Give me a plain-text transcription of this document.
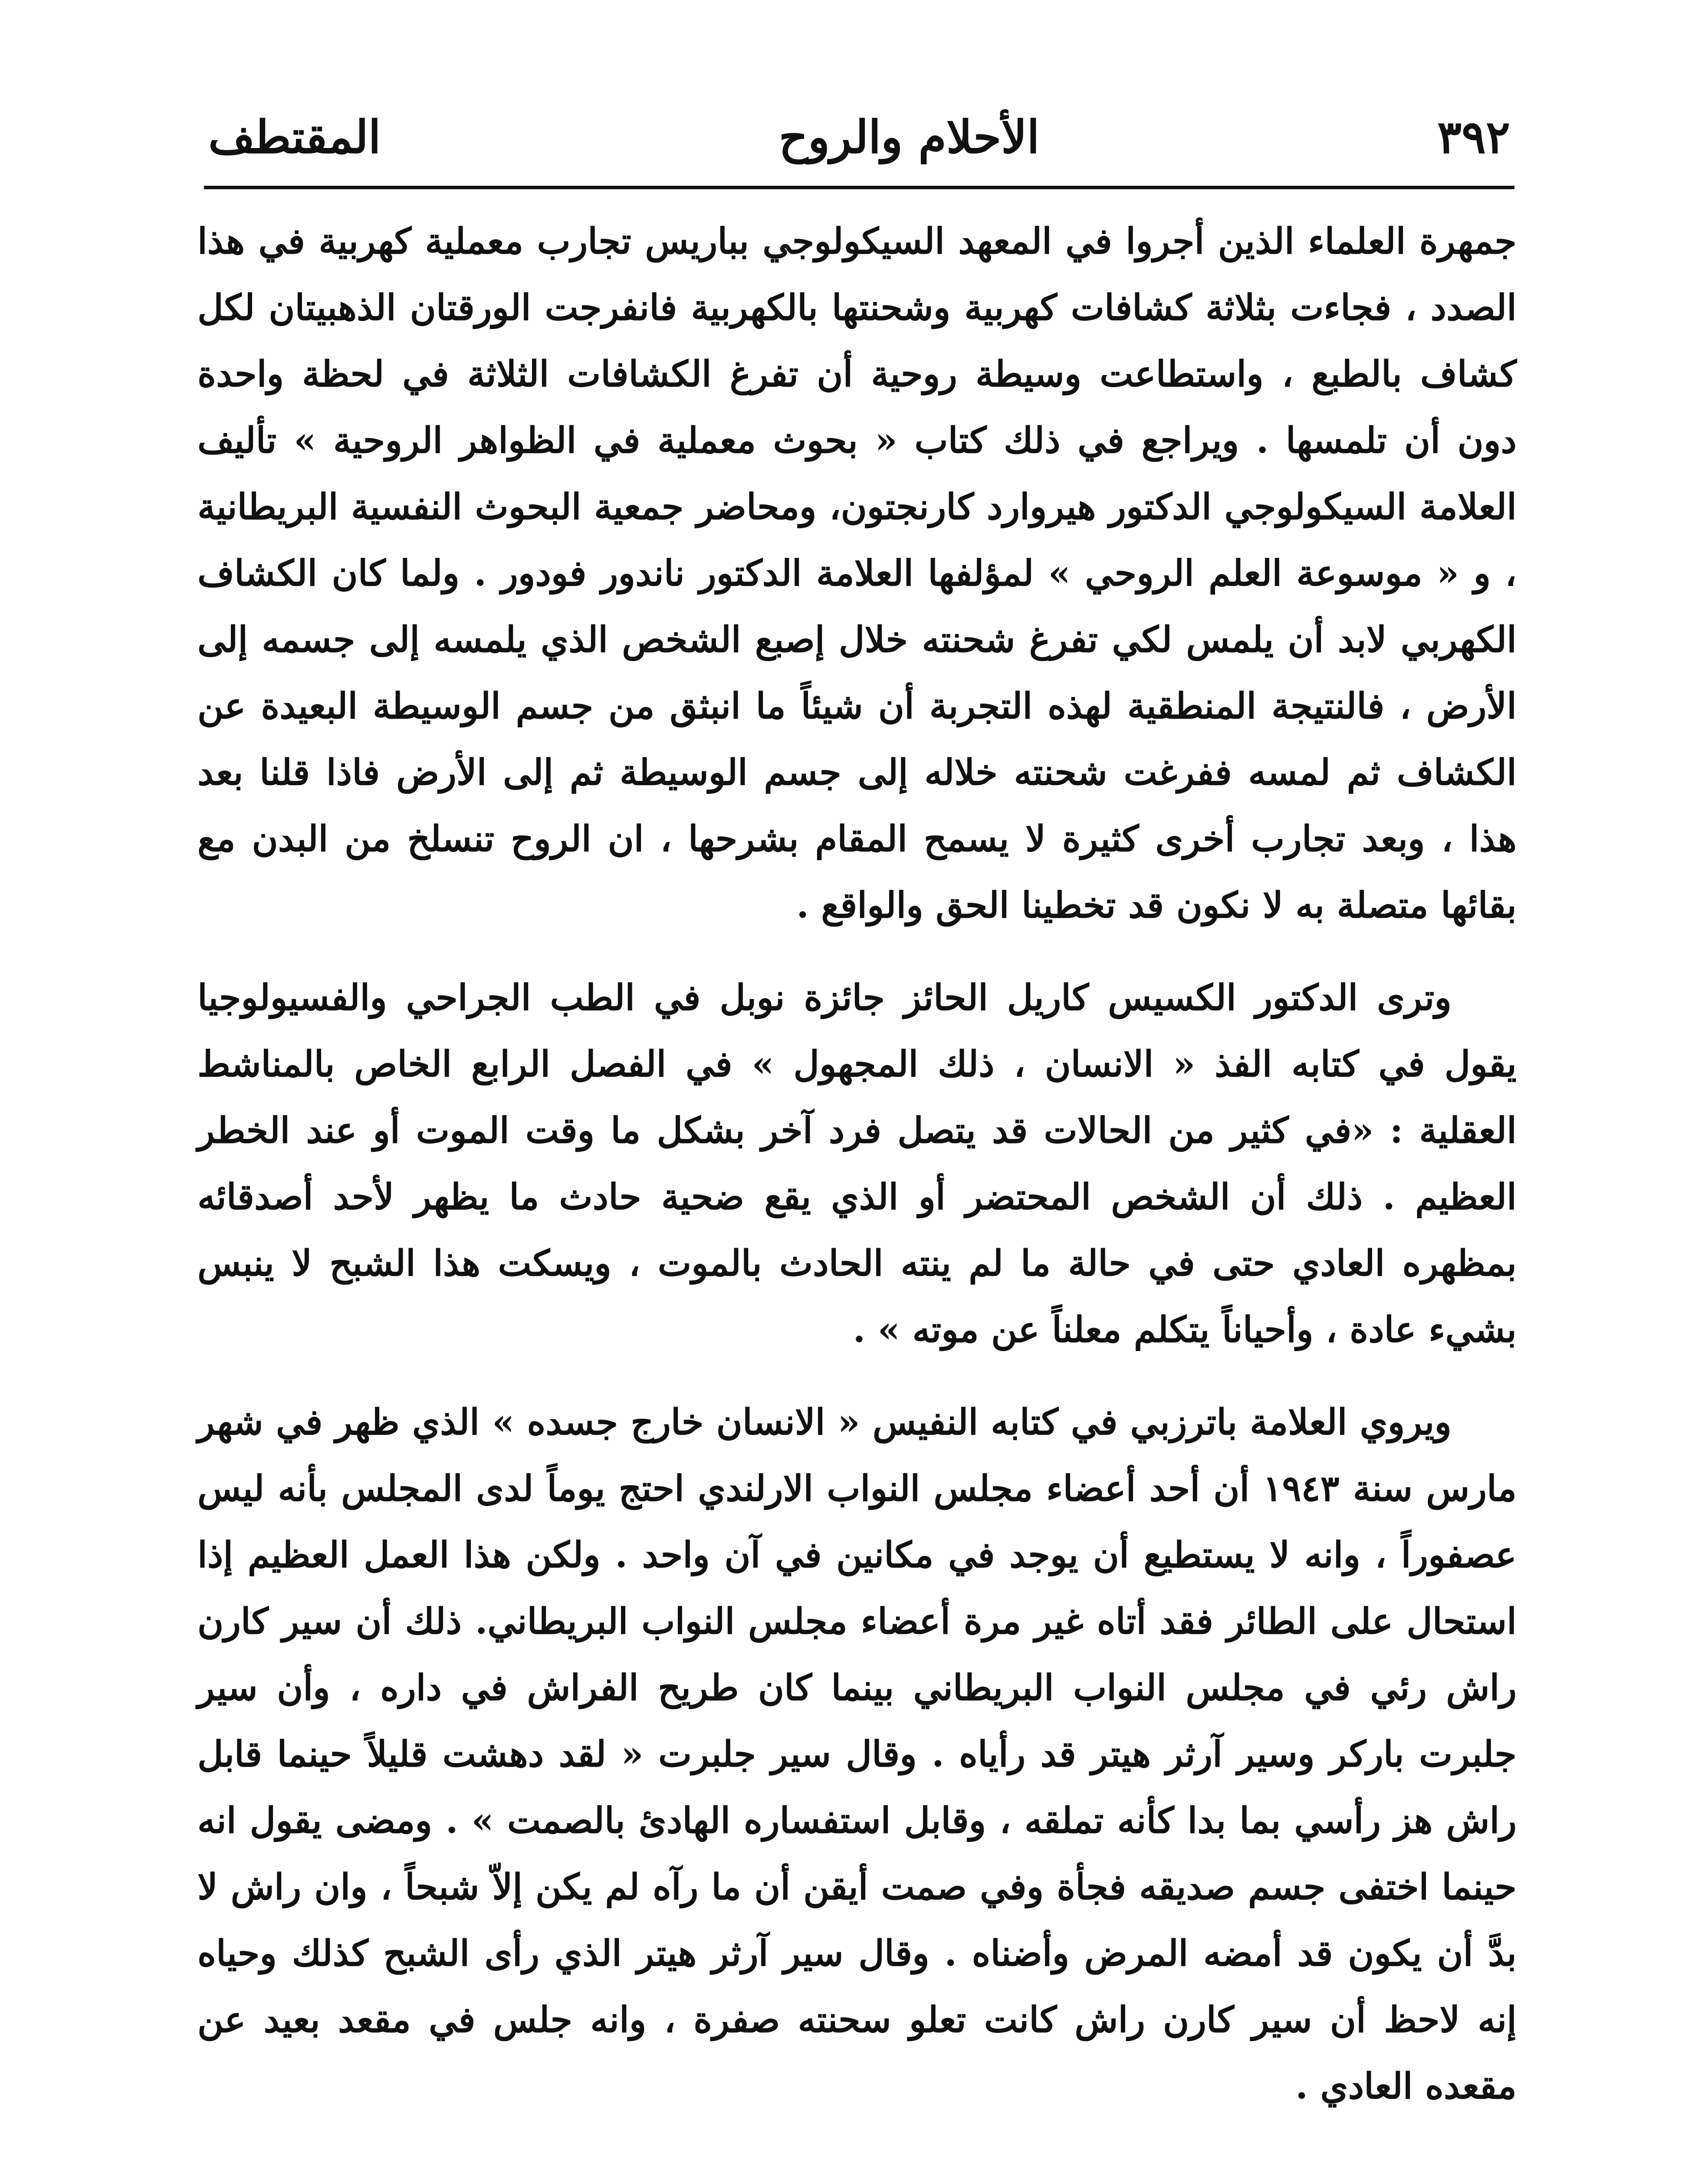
٣٩٢
الأحلام والروح
المقتطف

جمهرة العلماء الذين أجروا في المعهد السيكولوجي بباريس تجارب معملية كهربية في هذا الصدد ، فجاءت بثلاثة كشافات كهربية وشحنتها بالكهربية فانفرجت الورقتان الذهبيتان لكل كشاف بالطبع ، واستطاعت وسيطة روحية أن تفرغ الكشافات الثلاثة في لحظة واحدة دون أن تلمسها . ويراجع في ذلك كتاب « بحوث معملية في الظواهر الروحية » تأليف العلامة السيكولوجي الدكتور هيروارد كارنجتون، ومحاضر جمعية البحوث النفسية البريطانية ، و « موسوعة العلم الروحي » لمؤلفها العلامة الدكتور ناندور فودور . ولما كان الكشاف الكهربي لابد أن يلمس لكي تفرغ شحنته خلال إصبع الشخص الذي يلمسه إلى جسمه إلى الأرض ، فالنتيجة المنطقية لهذه التجربة أن شيئاً ما انبثق من جسم الوسيطة البعيدة عن الكشاف ثم لمسه ففرغت شحنته خلاله إلى جسم الوسيطة ثم إلى الأرض فاذا قلنا بعد هذا ، وبعد تجارب أخرى كثيرة لا يسمح المقام بشرحها ، ان الروح تنسلخ من البدن مع بقائها متصلة به لا نكون قد تخطينا الحق والواقع .

وترى الدكتور الكسيس كاريل الحائز جائزة نوبل في الطب الجراحي والفسيولوجيا يقول في كتابه الفذ « الانسان ، ذلك المجهول » في الفصل الرابع الخاص بالمناشط العقلية : «في كثير من الحالات قد يتصل فرد آخر بشكل ما وقت الموت أو عند الخطر العظيم . ذلك أن الشخص المحتضر أو الذي يقع ضحية حادث ما يظهر لأحد أصدقائه بمظهره العادي حتى في حالة ما لم ينته الحادث بالموت ، ويسكت هذا الشبح لا ينبس بشيء عادة ، وأحياناً يتكلم معلناً عن موته » .

ويروي العلامة باترزبي في كتابه النفيس « الانسان خارج جسده » الذي ظهر في شهر مارس سنة ١٩٤٣ أن أحد أعضاء مجلس النواب الارلندي احتج يوماً لدى المجلس بأنه ليس عصفوراً ، وانه لا يستطيع أن يوجد في مكانين في آن واحد . ولكن هذا العمل العظيم إذا استحال على الطائر فقد أتاه غير مرة أعضاء مجلس النواب البريطاني. ذلك أن سير كارن راش رئي في مجلس النواب البريطاني بينما كان طريح الفراش في داره ، وأن سير جلبرت باركر وسير آرثر هيتر قد رأياه . وقال سير جلبرت « لقد دهشت قليلاً حينما قابل راش هز رأسي بما بدا كأنه تملقه ، وقابل استفساره الهادئ بالصمت » . ومضى يقول انه حينما اختفى جسم صديقه فجأة وفي صمت أيقن أن ما رآه لم يكن إلاّ شبحاً ، وان راش لا بدَّ أن يكون قد أمضه المرض وأضناه . وقال سير آرثر هيتر الذي رأى الشبح كذلك وحياه إنه لاحظ أن سير كارن راش كانت تعلو سحنته صفرة ، وانه جلس في مقعد بعيد عن مقعده العادي .
